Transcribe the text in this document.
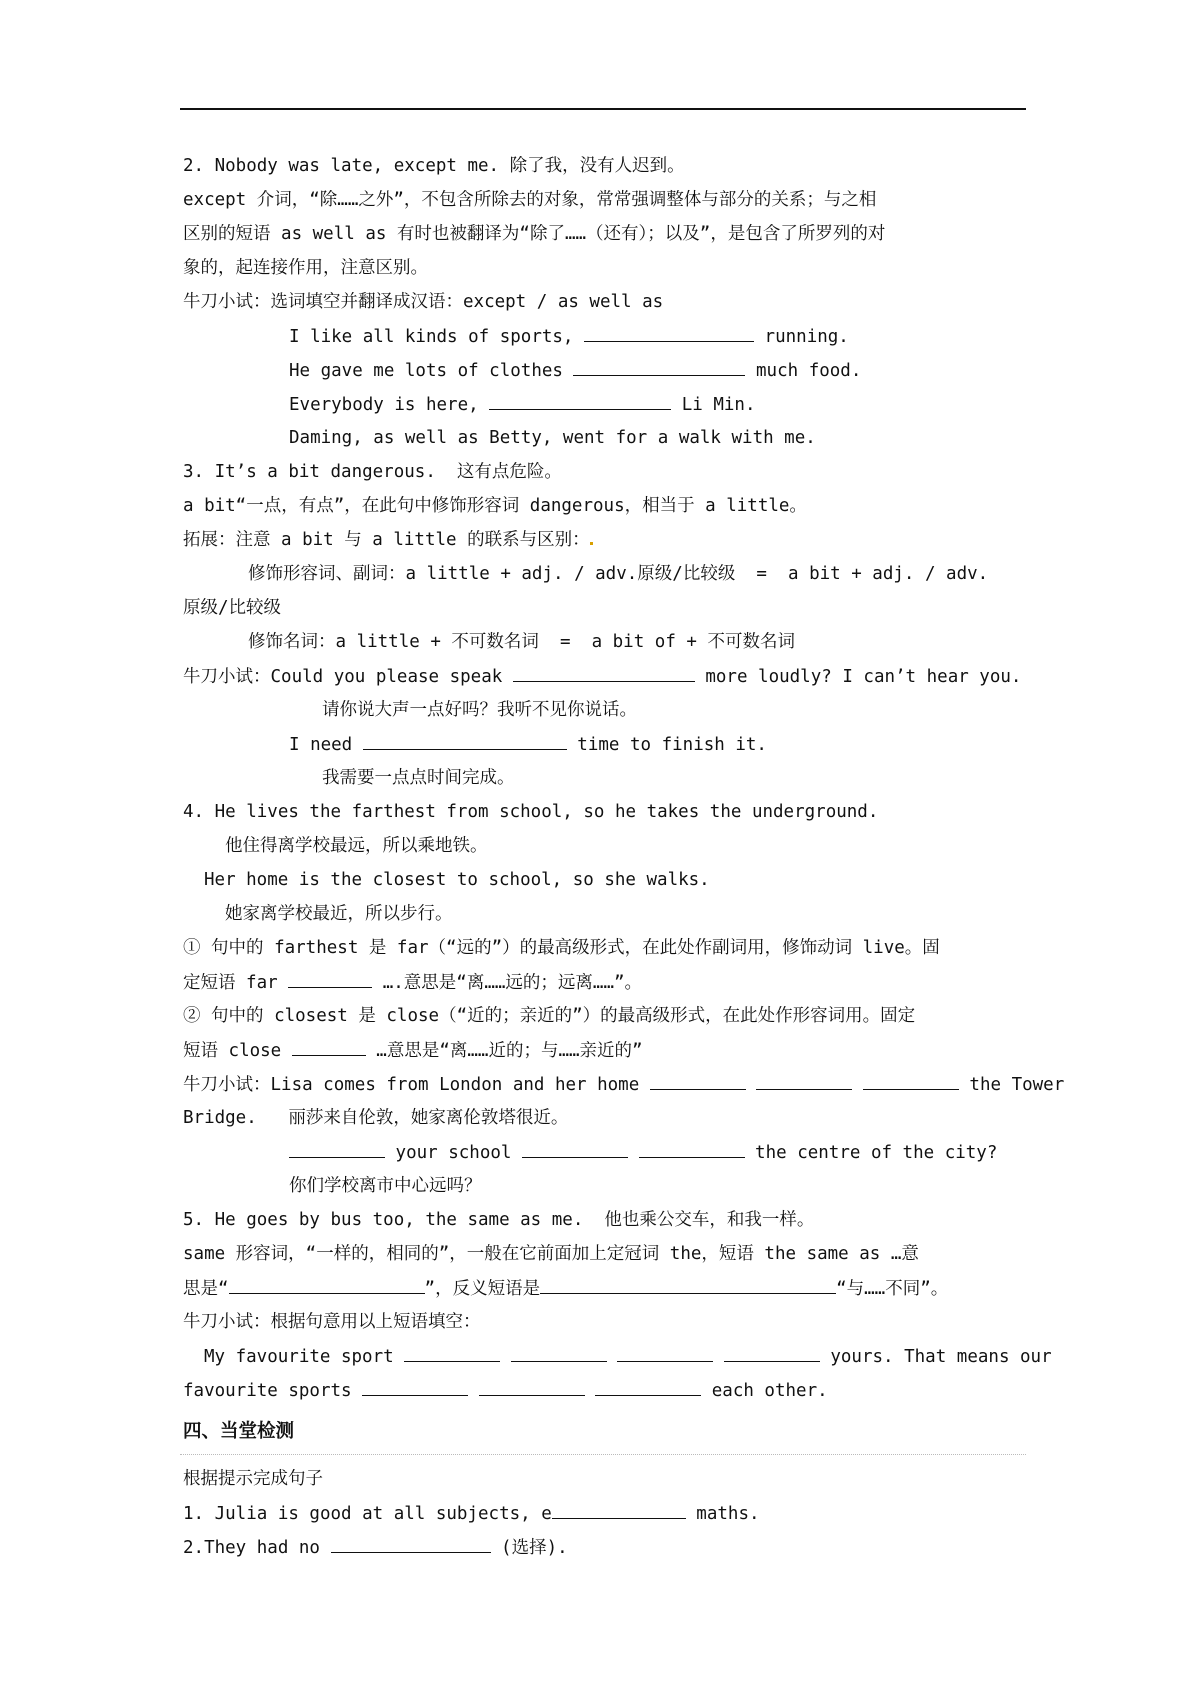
2. Nobody was late, except me. 除了我，没有人迟到。
except 介词，“除……之外”，不包含所除去的对象，常常强调整体与部分的关系；与之相
区别的短语 as well as 有时也被翻译为“除了……（还有）；以及”，是包含了所罗列的对
象的，起连接作用，注意区别。
牛刀小试：选词填空并翻译成汉语：except / as well as
I like all kinds of sports,	running.
He gave me lots of clothes	much food.
Everybody is here,	Li Min.
Daming, as well as Betty, went for a walk with me.
3. It’s a bit dangerous.  这有点危险。
a bit“一点，有点”，在此句中修饰形容词 dangerous，相当于 a little。
拓展：注意 a bit 与 a little 的联系与区别：
修饰形容词、副词：a little + adj. / adv.原级/比较级  =  a bit + adj. / adv.
原级/比较级
修饰名词：a little + 不可数名词  =  a bit of + 不可数名词
牛刀小试：Could you please speak	more loudly? I can’t hear you.
请你说大声一点好吗？我听不见你说话。
I need	time to finish it.
我需要一点点时间完成。
4. He lives the farthest from school, so he takes the underground.
他住得离学校最远，所以乘地铁。
Her home is the closest to school, so she walks.
她家离学校最近，所以步行。
① 句中的 farthest 是 far（“远的”）的最高级形式，在此处作副词用，修饰动词 live。固
定短语 far	….意思是“离……远的；远离……”。
② 句中的 closest 是 close（“近的；亲近的”）的最高级形式，在此处作形容词用。固定
短语 close	…意思是“离……近的；与……亲近的”
牛刀小试：Lisa comes from London and her home	the Tower
Bridge.   丽莎来自伦敦，她家离伦敦塔很近。
your school	the centre of the city?
你们学校离市中心远吗？
5. He goes by bus too, the same as me.  他也乘公交车，和我一样。
same 形容词，“一样的，相同的”，一般在它前面加上定冠词 the，短语 the same as …意
思是“	”，反义短语是	“与……不同”。
牛刀小试：根据句意用以上短语填空：
My favourite sport	yours. That means our
favourite sports	each other.
四、当堂检测
根据提示完成句子
1. Julia is good at all subjects, e	maths.
2.They had no	(选择).
